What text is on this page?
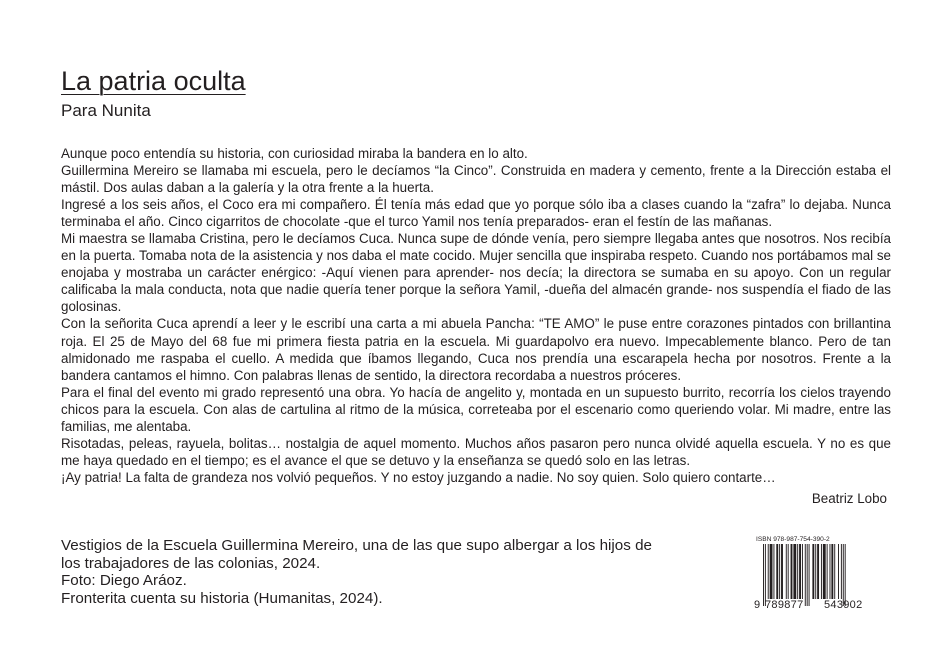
La patria oculta
Para Nunita

Aunque poco entendía su historia, con curiosidad miraba la bandera en lo alto.

Guillermina Mereiro se llamaba mi escuela, pero le decíamos “la Cinco”. Construida en madera y cemento, frente a la Dirección estaba el mástil. Dos aulas daban a la galería y la otra frente a la huerta.

Ingresé a los seis años, el Coco era mi compañero. Él tenía más edad que yo porque sólo iba a clases cuando la “zafra” lo dejaba. Nunca terminaba el año. Cinco cigarritos de chocolate -que el turco Yamil nos tenía preparados- eran el festín de las mañanas.

Mi maestra se llamaba Cristina, pero le decíamos Cuca. Nunca supe de dónde venía, pero siempre llegaba antes que nosotros. Nos recibía en la puerta. Tomaba nota de la asistencia y nos daba el mate cocido. Mujer sencilla que inspiraba respeto. Cuando nos portábamos mal se enojaba y mostraba un carácter enérgico: -Aquí vienen para aprender- nos decía; la directora se sumaba en su apoyo. Con un regular calificaba la mala conducta, nota que nadie quería tener porque la señora Yamil, -dueña del almacén grande- nos suspendía el fiado de las golosinas.

Con la señorita Cuca aprendí a leer y le escribí una carta a mi abuela Pancha: “TE AMO” le puse entre corazones pintados con brillantina roja. El 25 de Mayo del 68 fue mi primera fiesta patria en la escuela. Mi guardapolvo era nuevo. Impecablemente blanco. Pero de tan almidonado me raspaba el cuello. A medida que íbamos llegando, Cuca nos prendía una escarapela hecha por nosotros. Frente a la bandera cantamos el himno. Con palabras llenas de sentido, la directora recordaba a nuestros próceres.

Para el final del evento mi grado representó una obra. Yo hacía de angelito y, montada en un supuesto burrito, recorría los cielos trayendo chicos para la escuela. Con alas de cartulina al ritmo de la música, correteaba por el escenario como queriendo volar. Mi madre, entre las familias, me alentaba.

Risotadas, peleas, rayuela, bolitas… nostalgia de aquel momento. Muchos años pasaron pero nunca olvidé aquella escuela. Y no es que me haya quedado en el tiempo; es el avance el que se detuvo y la enseñanza se quedó solo en las letras.

¡Ay patria! La falta de grandeza nos volvió pequeños. Y no estoy juzgando a nadie. No soy quien. Solo quiero contarte…

Beatriz Lobo
Vestigios de la Escuela Guillermina Mereiro, una de las que supo albergar a los hijos de
los trabajadores de las colonias, 2024.
Foto: Diego Aráoz.
Fronterita cuenta su historia (Humanitas, 2024).
ISBN 978-987-754-390-2
9 789877 543902
